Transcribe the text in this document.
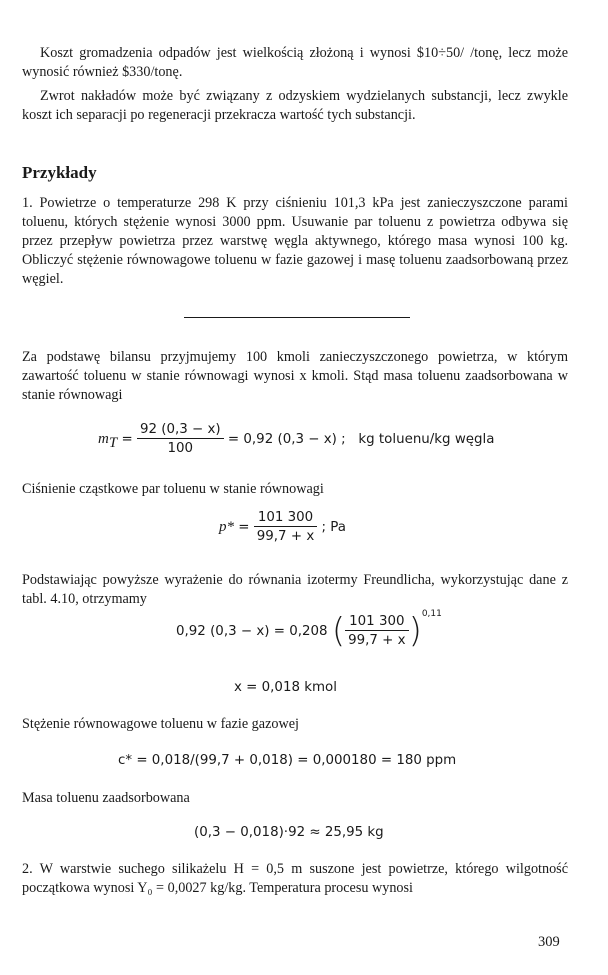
Koszt gromadzenia odpadów jest wielkością złożoną i wynosi $10÷50/ /tonę, lecz może wynosić również $330/tonę.

Zwrot nakładów może być związany z odzyskiem wydzielanych substancji, lecz zwykle koszt ich separacji po regeneracji przekracza wartość tych substancji.

Przykłady

1. Powietrze o temperaturze 298 K przy ciśnieniu 101,3 kPa jest zanieczyszczone parami toluenu, których stężenie wynosi 3000 ppm. Usuwanie par toluenu z powietrza odbywa się przez przepływ powietrza przez warstwę węgla aktywnego, którego masa wynosi 100 kg. Obliczyć stężenie równowagowe toluenu w fazie gazowej i masę toluenu zaadsorbowaną przez węgiel.

Za podstawę bilansu przyjmujemy 100 kmoli zanieczyszczonego powietrza, w którym zawartość toluenu w stanie równowagi wynosi x kmoli. Stąd masa toluenu zaadsorbowana w stanie równowagi

mT = $\frac{92 (0,3 - x)}{100} = 0,92$ (0,3 − x) ; kg toluenu/kg węgla

Ciśnienie cząstkowe par toluenu w stanie równowagi

$p* = \frac{101 300}{99,7 + x}$ ; Pa

Podstawiając powyższe wyrażenie do równania izotermy Freundlicha, wykorzystując dane z tabl. 4.10, otrzymamy

0,92 (0,3 − x) = 0,208 ( $\frac{101 300}{99,7 + x} )^{0,11}$
x = 0,018 kmol

Stężenie równowagowe toluenu w fazie gazowej

c* = 0,018/(99,7 + 0,018) = 0,000180 = 180 ppm

Masa toluenu zaadsorbowana

(0,3 − 0,018)·92 ≈ 25,95 kg

2. W warstwie suchego silikażelu H = 0,5 m suszone jest powietrze, którego wilgotność początkowa wynosi Y₀ = 0,0027 kg/kg. Temperatura procesu wynosi

309
